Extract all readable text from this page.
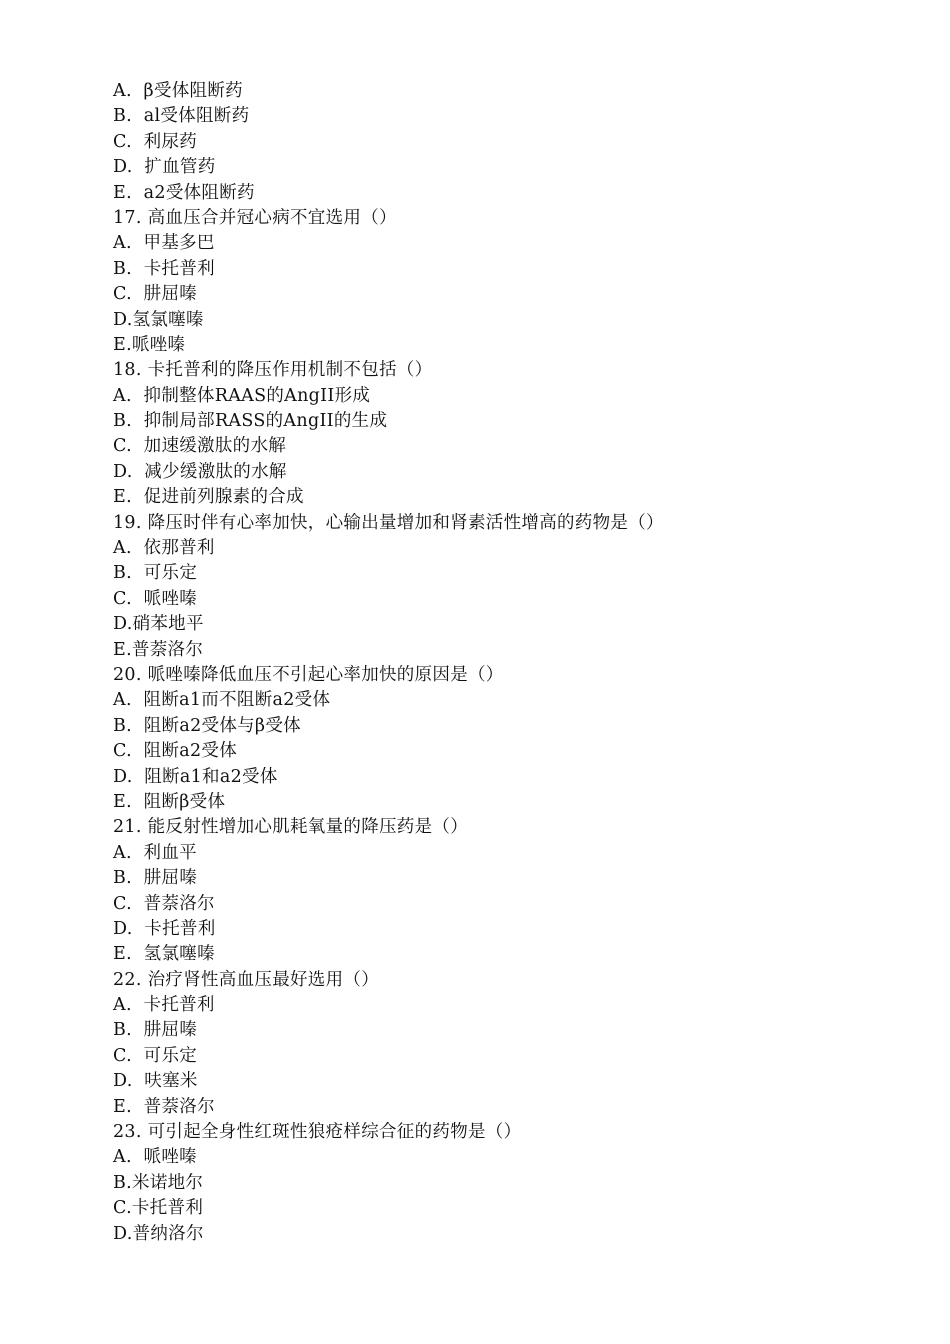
A.  β受体阻断药
B.  al受体阻断药
C.  利尿药
D.  扩血管药
E.  a2受体阻断药
17. 高血压合并冠心病不宜选用（）
A.  甲基多巴
B.  卡托普利
C.  肼屈嗪
D.氢氯噻嗪
E.哌唑嗪
18. 卡托普利的降压作用机制不包括（）
A.  抑制整体RAAS的AngII形成
B.  抑制局部RASS的AngII的生成
C.  加速缓激肽的水解
D.  减少缓激肽的水解
E.  促进前列腺素的合成
19. 降压时伴有心率加快，心输出量增加和肾素活性增高的药物是（）
A.  依那普利
B.  可乐定
C.  哌唑嗪
D.硝苯地平
E.普萘洛尔
20. 哌唑嗪降低血压不引起心率加快的原因是（）
A.  阻断a1而不阻断a2受体
B.  阻断a2受体与β受体
C.  阻断a2受体
D.  阻断a1和a2受体
E.  阻断β受体
21. 能反射性增加心肌耗氧量的降压药是（）
A.  利血平
B.  肼屈嗪
C.  普萘洛尔
D.  卡托普利
E.  氢氯噻嗪
22. 治疗肾性高血压最好选用（）
A.  卡托普利
B.  肼屈嗪
C.  可乐定
D.  呋塞米
E.  普萘洛尔
23. 可引起全身性红斑性狼疮样综合征的药物是（）
A.  哌唑嗪
B.米诺地尔
C.卡托普利
D.普纳洛尔
